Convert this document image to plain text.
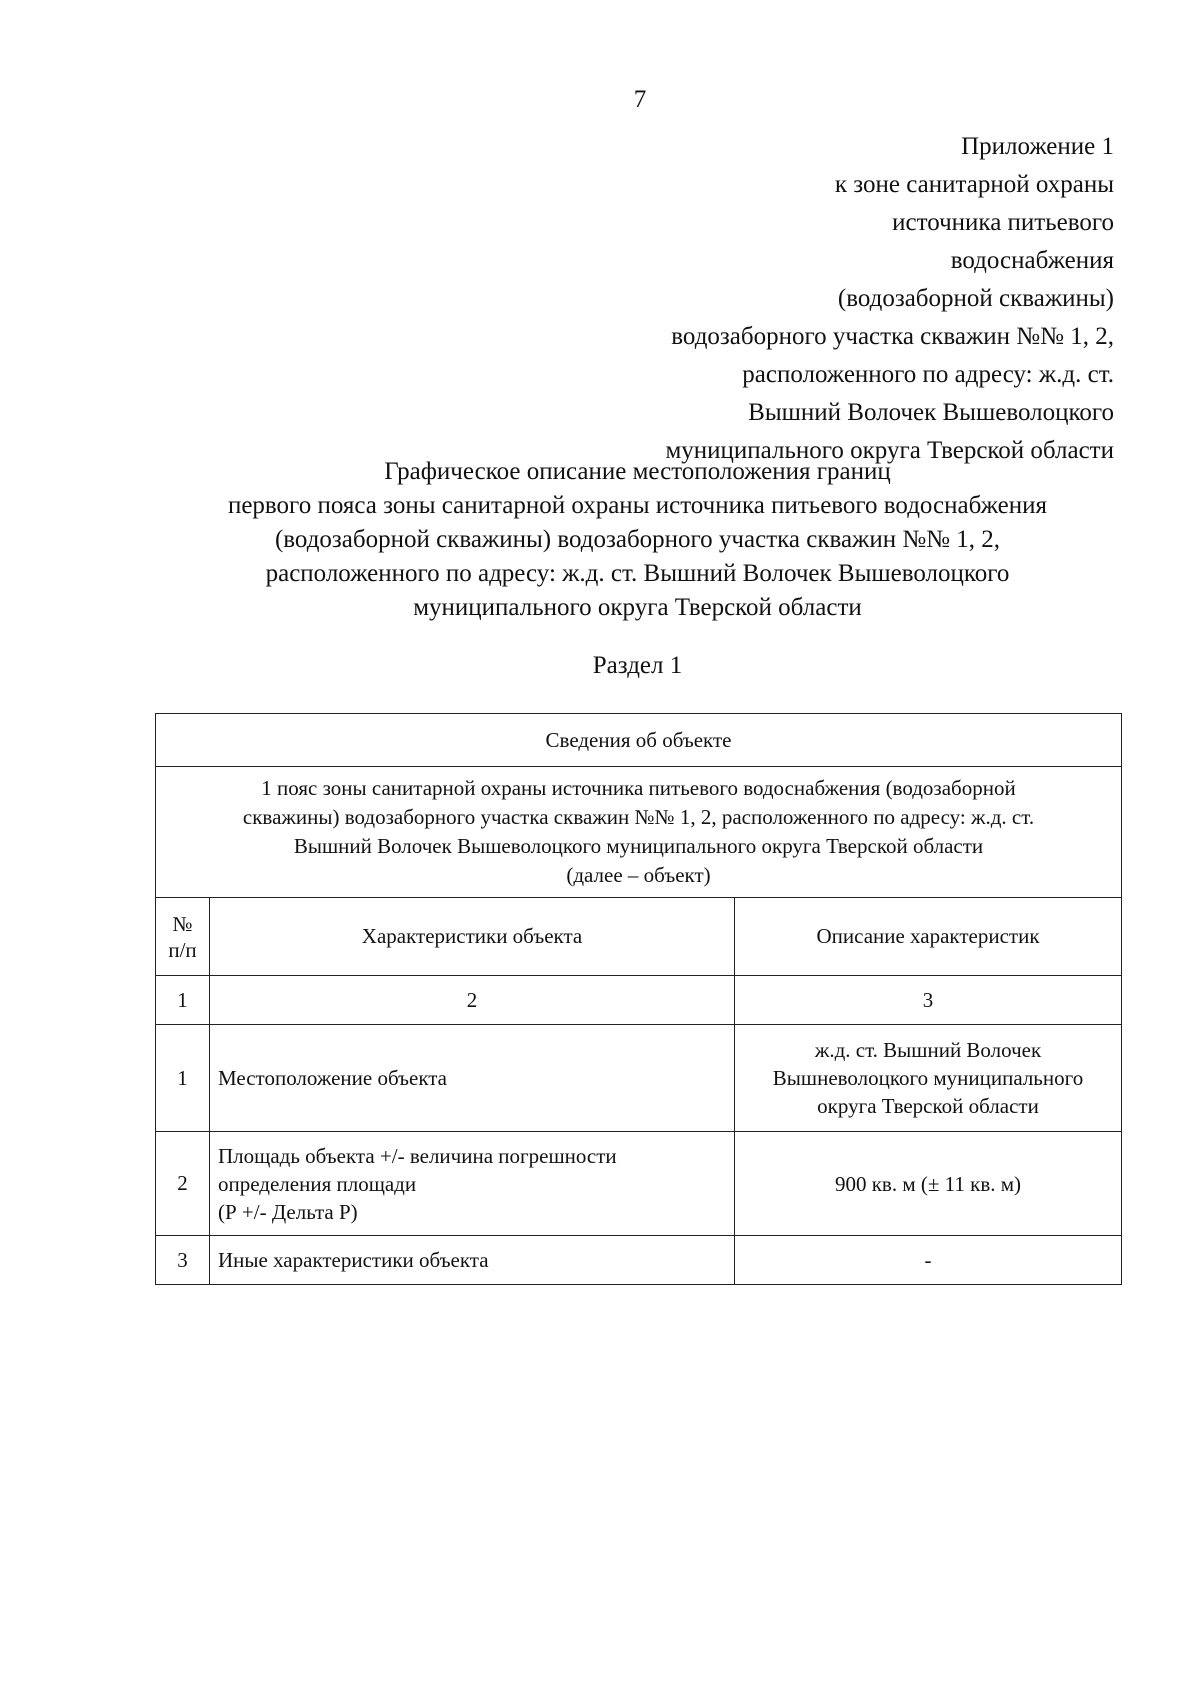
7
Приложение 1
к зоне санитарной охраны
источника питьевого
водоснабжения
(водозаборной скважины)
водозаборного участка скважин №№ 1, 2,
расположенного по адресу: ж.д. ст.
Вышний Волочек Вышеволоцкого
муниципального округа Тверской области
Графическое описание местоположения границ
первого пояса зоны санитарной охраны источника питьевого водоснабжения
(водозаборной скважины) водозаборного участка скважин №№ 1, 2,
расположенного по адресу: ж.д. ст. Вышний Волочек Вышеволоцкого
муниципального округа Тверской области
Раздел 1
Сведения об объекте		

1 пояс зоны санитарной охраны источника питьевого водоснабжения (водозаборной
скважины) водозаборного участка скважин №№ 1, 2, расположенного по адресу: ж.д. ст.
Вышний Волочек Вышеволоцкого муниципального округа Тверской области
(далее – объект)		

№
п/п	Характеристики объекта	Описание характеристик
1	2	3
1	Местоположение объекта	ж.д. ст. Вышний Волочек
Вышневолоцкого муниципального
округа Тверской области

2	Площадь объекта +/- величина погрешности
определения площади
(Р +/- Дельта Р)	900 кв. м (± 11 кв. м)

3	Иные характеристики объекта	-
